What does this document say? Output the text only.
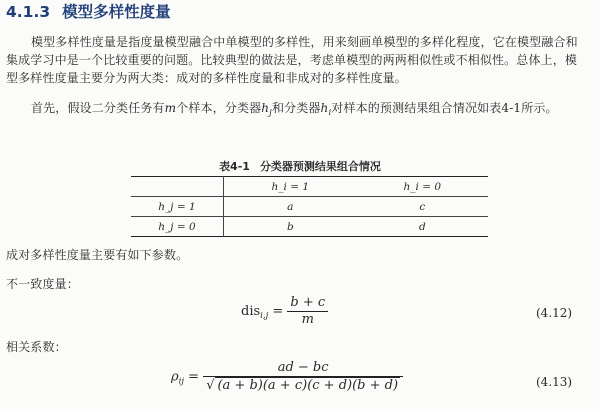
4.1.3 模型多样性度量

模型多样性度量是指度量模型融合中单模型的多样性，用来刻画单模型的多样化程度，它在模型融合和集成学习中是一个比较重要的问题。比较典型的做法是，考虑单模型的两两相似性或不相似性。总体上，模型多样性度量主要分为两大类：成对的多样性度量和非成对的多样性度量。

首先，假设二分类任务有m个样本，分类器$h_j$和分类器$h_i$对样本的预测结果组合情况如表4-1所示。

表4-1 分类器预测结果组合情况
	h_i = 1	h_i = 0
h_j = 1	a	c
h_j = 0	b	d

成对多样性度量主要有如下参数。

不一致度量：

$dis_{i,j} = \frac{b + c}{m}$	(4.12)

相关系数：

$\rho_{ij} = \frac{ad - bc}{√ (a + b)(a + c)(c + d)(b + d)}$	(4.13)
